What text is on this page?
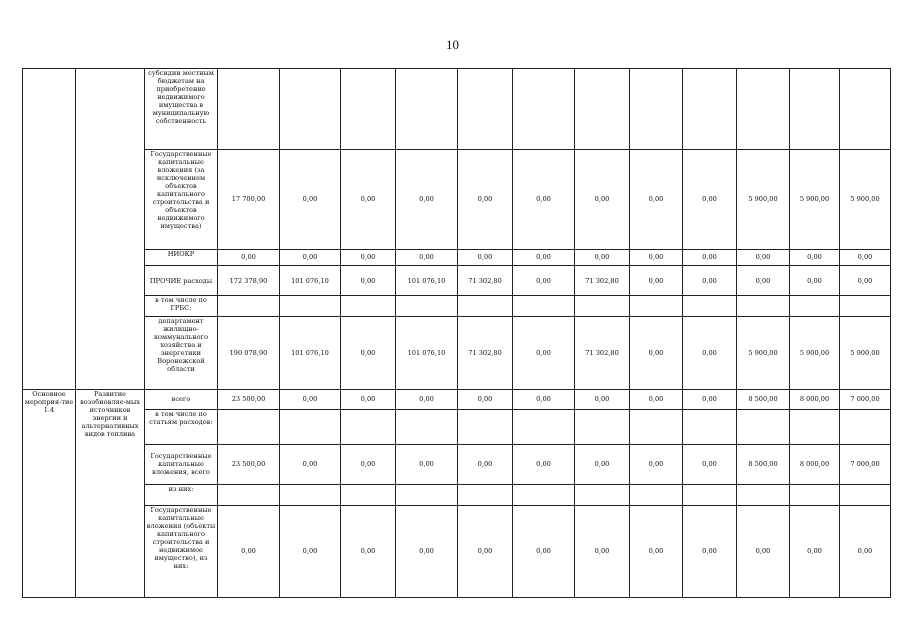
10
		субсидии местным бюджетам на приобретение недвижимого имущества в муниципальную собственность												
		Государственные капитальные вложения (за исключением объектов капитального строительства и объектов недвижимого имущества)	17 700,00	0,00	0,00	0,00	0,00	0,00	0,00	0,00	0,00	5 900,00	5 900,00	5 900,00
		НИОКР	0,00	0,00	0,00	0,00	0,00	0,00	0,00	0,00	0,00	0,00	0,00	0,00
		ПРОЧИЕ расходы	172 378,90	101 076,10	0,00	101 076,10	71 302,80	0,00	71 302,80	0,00	0,00	0,00	0,00	0,00
		в том числе по ГРБС:												
		департамент жилищно-коммунального хозяйства и энергетики Воронежской области	190 078,90	101 076,10	0,00	101 076,10	71 302,80	0,00	71 302,80	0,00	0,00	5 900,00	5 900,00	5 900,00
Основное мероприя-тие 1.4	Развитие возобновляе-мых источников энергии и альтернативных видов топлива	всего	23 500,00	0,00	0,00	0,00	0,00	0,00	0,00	0,00	0,00	8 500,00	8 000,00	7 000,00
		в том числе по статьям расходов:												
		Государственные капитальные вложения, всего	23 500,00	0,00	0,00	0,00	0,00	0,00	0,00	0,00	0,00	8 500,00	8 000,00	7 000,00
		из них:												
		Государственные капитальные вложения (объекты капитального строительства и недвижимое имущество), из них:	0,00	0,00	0,00	0,00	0,00	0,00	0,00	0,00	0,00	0,00	0,00	0,00
